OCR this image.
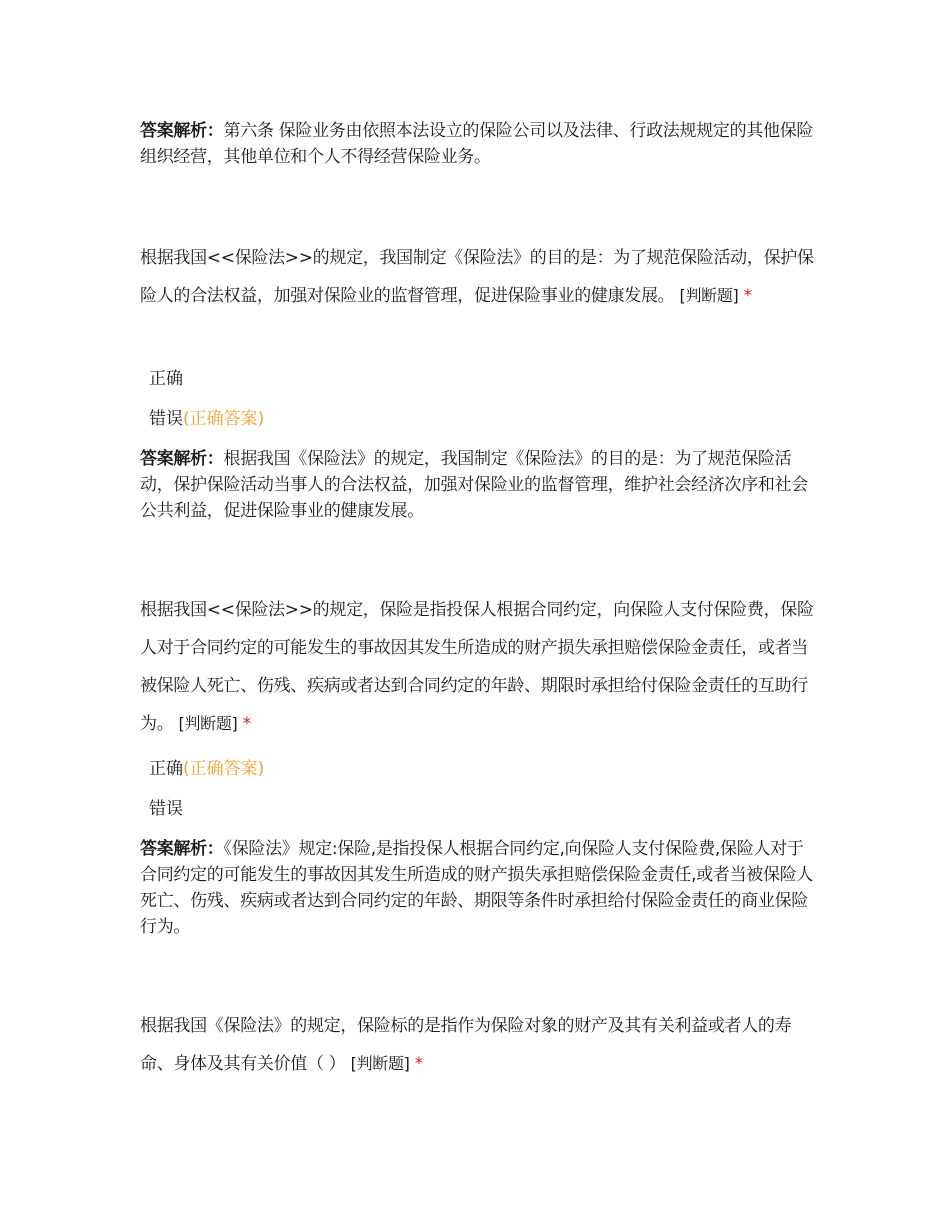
答案解析：第六条 保险业务由依照本法设立的保险公司以及法律、行政法规规定的其他保险组织经营，其他单位和个人不得经营保险业务。
根据我国<<保险法>>的规定，我国制定《保险法》的目的是：为了规范保险活动，保护保险人的合法权益，加强对保险业的监督管理，促进保险事业的健康发展。 [判断题] *
正确
错误(正确答案)
答案解析：根据我国《保险法》的规定，我国制定《保险法》的目的是：为了规范保险活动，保护保险活动当事人的合法权益，加强对保险业的监督管理，维护社会经济次序和社会公共利益，促进保险事业的健康发展。
根据我国<<保险法>>的规定，保险是指投保人根据合同约定，向保险人支付保险费，保险人对于合同约定的可能发生的事故因其发生所造成的财产损失承担赔偿保险金责任，或者当被保险人死亡、伤残、疾病或者达到合同约定的年龄、期限时承担给付保险金责任的互助行为。 [判断题] *
正确(正确答案)
错误
答案解析：《保险法》规定:保险,是指投保人根据合同约定,向保险人支付保险费,保险人对于合同约定的可能发生的事故因其发生所造成的财产损失承担赔偿保险金责任,或者当被保险人死亡、伤残、疾病或者达到合同约定的年龄、期限等条件时承担给付保险金责任的商业保险行为。
根据我国《保险法》的规定，保险标的是指作为保险对象的财产及其有关利益或者人的寿命、身体及其有关价值（ ） [判断题] *
